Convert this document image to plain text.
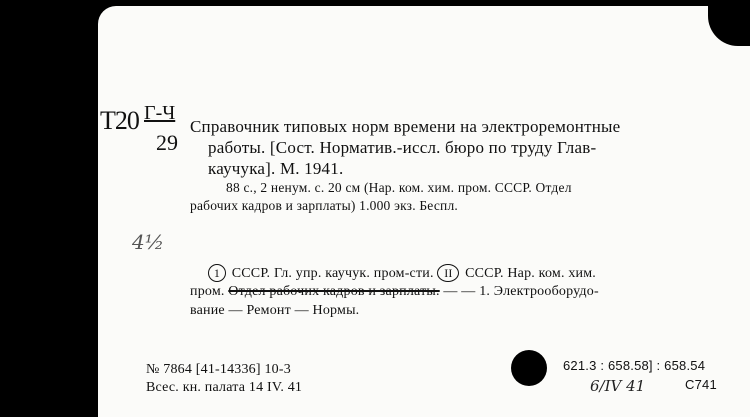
Т20 Г-Ч
29
Справочник типовых норм времени на электроремонтные
работы. [Сост. Норматив.-иссл. бюро по труду Глав-
каучука]. М. 1941.
88 с., 2 ненум. с. 20 см (Нар. ком. хим. пром. СССР. Отдел
рабочих кадров и зарплаты) 1.000 экз. Беспл.
4½
1 СССР. Гл. упр. каучук. пром-сти. II СССР. Нар. ком. хим.
пром. Отдел рабочих кадров и зарплаты. — — 1. Электрооборудо-
вание — Ремонт — Нормы.
№ 7864 [41-14336] 10-3
Всес. кн. палата 14 IV. 41
621.3 : 658.58] : 658.54
С741
6/IV 41
